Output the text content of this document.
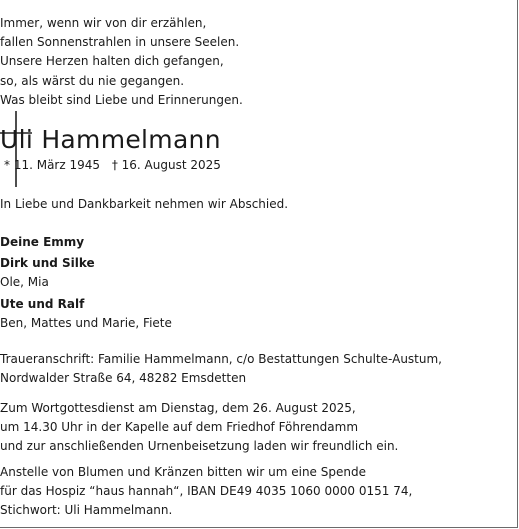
Immer, wenn wir von dir erzählen,
fallen Sonnenstrahlen in unsere Seelen.
Unsere Herzen halten dich gefangen,
so, als wärst du nie gegangen.
Was bleibt sind Liebe und Erinnerungen.
Uli Hammelmann
* 11. März 1945 † 16. August 2025
In Liebe und Dankbarkeit nehmen wir Abschied.
Deine Emmy
Dirk und Silke
Ole, Mia
Ute und Ralf
Ben, Mattes und Marie, Fiete
Traueranschrift: Familie Hammelmann, c/o Bestattungen Schulte-Austum,
Nordwalder Straße 64, 48282 Emsdetten
Zum Wortgottesdienst am Dienstag, dem 26. August 2025,
um 14.30 Uhr in der Kapelle auf dem Friedhof Föhrendamm
und zur anschließenden Urnenbeisetzung laden wir freundlich ein.
Anstelle von Blumen und Kränzen bitten wir um eine Spende
für das Hospiz “haus hannah“, IBAN DE49 4035 1060 0000 0151 74,
Stichwort: Uli Hammelmann.
